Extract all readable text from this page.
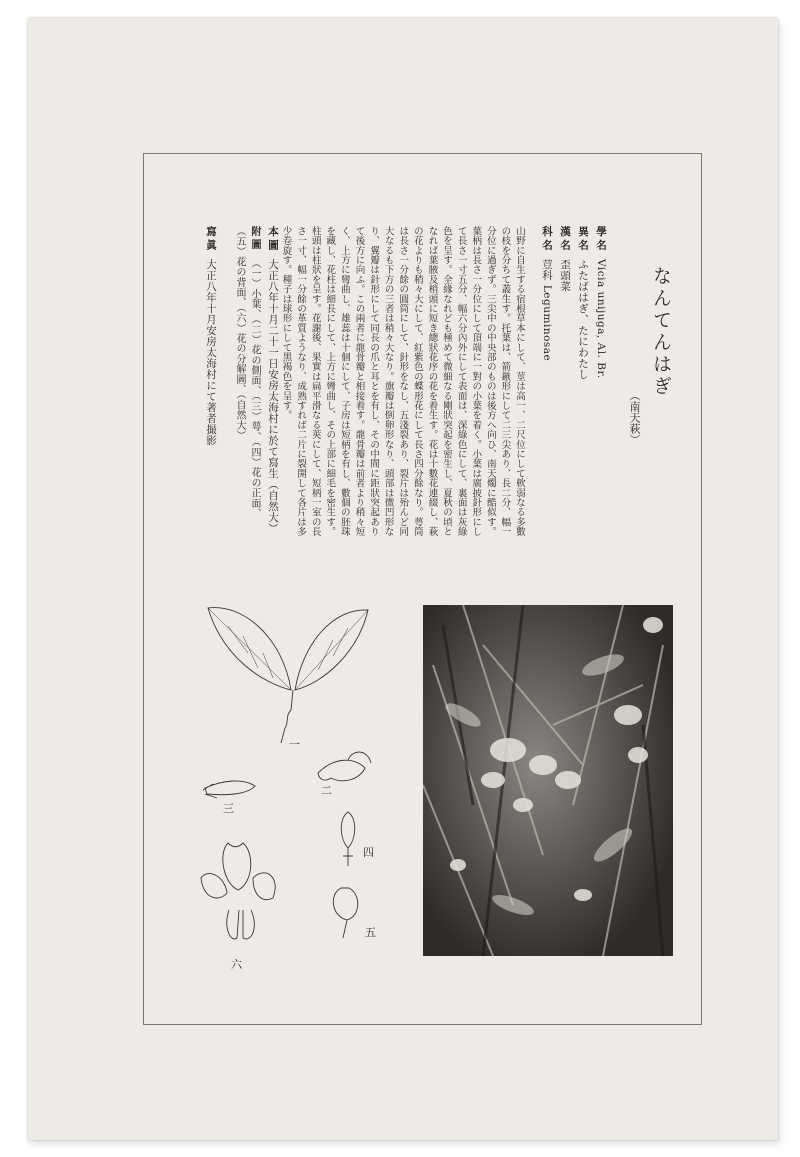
なんてんはぎ
（南天萩）
學名Vicia unijuga, Al. Br.
異名ふたばはぎ、たにわたし
漢名歪頭菜
科名荳科 Leguminosae
山野に自生する宿根草本にして、莖は高一、二尺位にして軟弱なる多數の枝を分ちて叢生す。托葉は、箭鏃形にして二三尖あり、長二分、幅一分位に過ぎず。三尖中の中央部のものは後方へ向ひ、南天燭に酷似す。葉柄は長さ一分位にして頂端に一對の小葉を着く。小葉は廣披針形にして長さ一寸五分、幅六分內外にして表面は、深綠色にして、裏面は灰綠色を呈す。全緣なれども極めて微細なる剛狀突起を密生し、夏秋の頃となれば葉腋及梢頭に短き總狀花序の花を着生す。花は十數花連綴し、萩の花よりも稍々大にして、紅紫色の蝶形花にして長さ四分餘なり。萼筒は長さ一分餘の圓筒にして、針形をなし、五淺裂あり、裂片は殆んど同大なるも下方の三者は稍々大なり。旗瓣は倒卵形なり、頭部は微凹形なり、翼瓣は針形にして同長の爪と耳とを有し、その中間に距狀突起ありて後方に向ふ。この兩者に龍骨瓣と相接着す。龍骨瓣は前者より稍々短く、上方に彎曲し、雄蕊は十個にして、子房は短柄を有し、數個の胚珠を藏し、花柱は細長にして、上方に彎曲し、その上部に細毛を密生す。柱頭は柱狀を呈す。花謝後、果實は扁平滑なる莢にして、短柄一室の長さ一寸、幅一分餘の革質ようなり、成熟すれば二片に裂開して各片は多少卷旋す。種子は球形にして黑褐色を呈す。
本圖大正八年十月二十一日安房太海村に於て寫生（自然大）
附圖（一）小葉、（二）花の側面、（三）萼、（四）花の正面、（五）花の背面、（六）花の分解圖、（自然大）
寫眞大正八年十月安房太海村にて著者撮影
一
二
三
四
五
六
